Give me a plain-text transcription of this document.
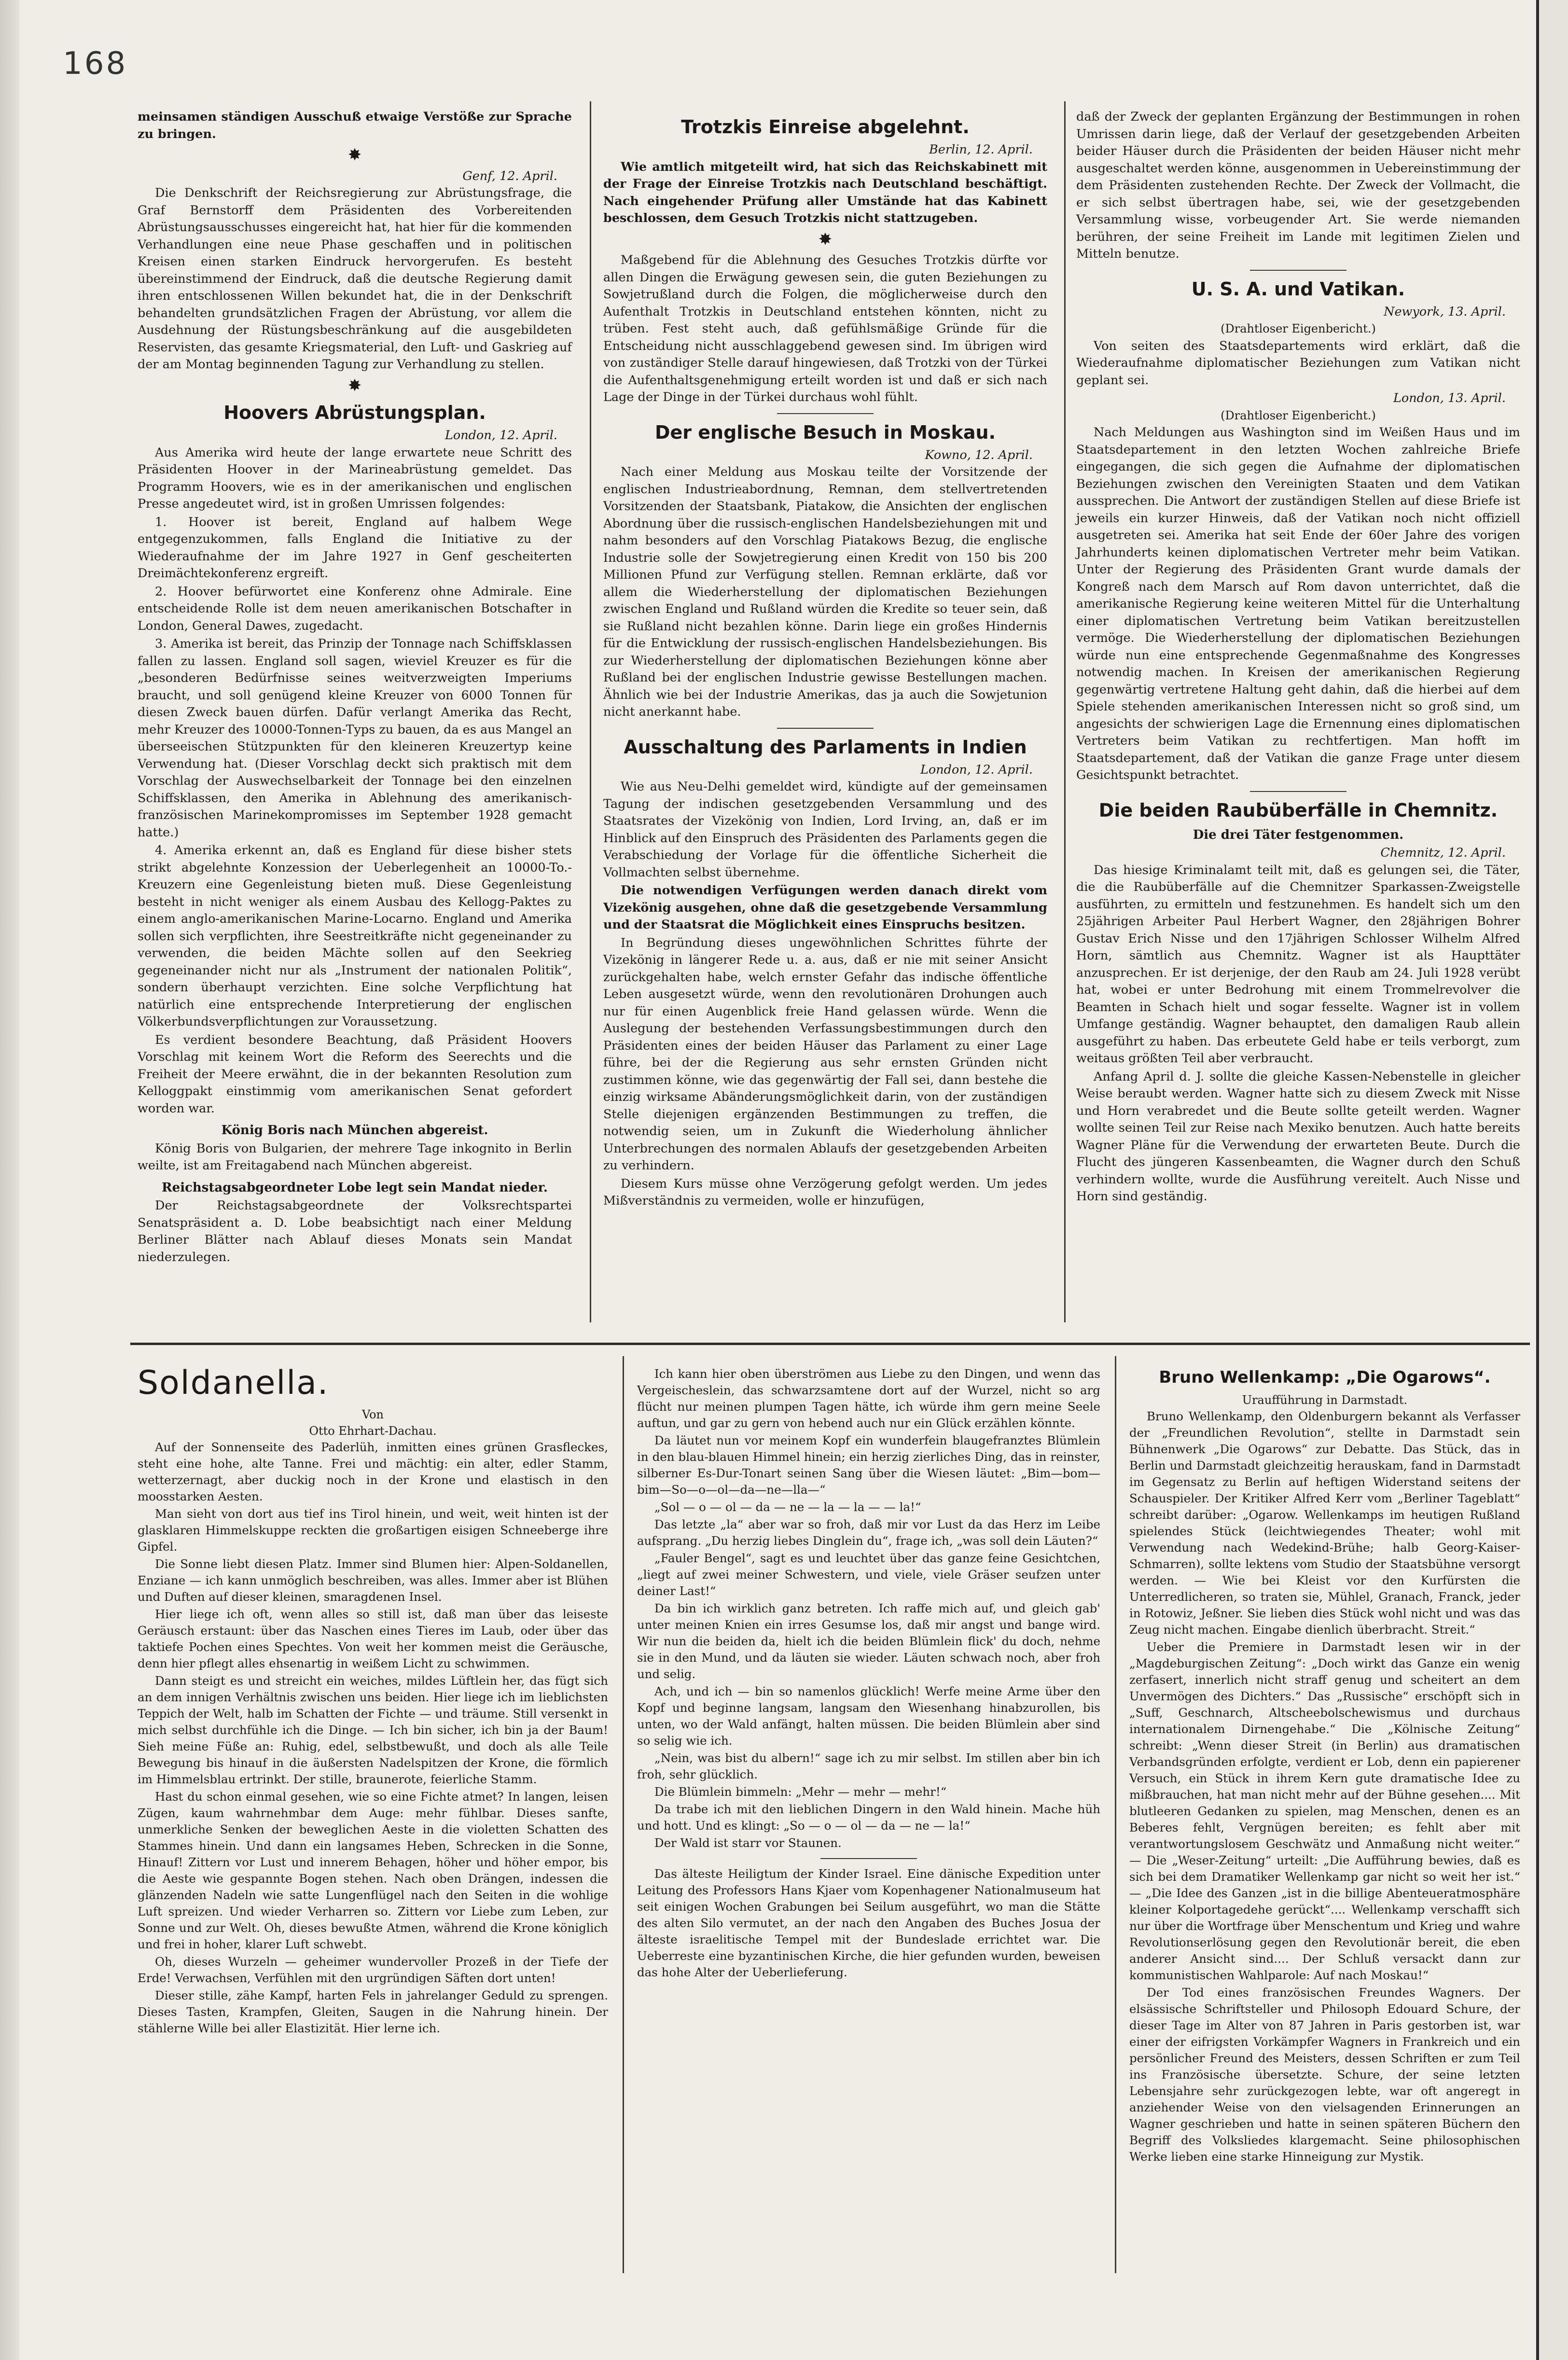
168

meinsamen ständigen Ausschuß etwaige Verstöße zur Sprache zu bringen.

✸
Genf, 12. April.

Die Denkschrift der Reichsregierung zur Abrüstungsfrage, die Graf Bernstorff dem Präsidenten des Vorbereitenden Abrüstungsausschusses eingereicht hat, hat hier für die kommenden Verhandlungen eine neue Phase geschaffen und in politischen Kreisen einen starken Eindruck hervorgerufen. Es besteht übereinstimmend der Eindruck, daß die deutsche Regierung damit ihren entschlossenen Willen bekundet hat, die in der Denkschrift behandelten grundsätzlichen Fragen der Abrüstung, vor allem die Ausdehnung der Rüstungsbeschränkung auf die ausgebildeten Reservisten, das gesamte Kriegsmaterial, den Luft- und Gaskrieg auf der am Montag beginnenden Tagung zur Verhandlung zu stellen.

✸
Hoovers Abrüstungsplan.
London, 12. April.

Aus Amerika wird heute der lange erwartete neue Schritt des Präsidenten Hoover in der Marineabrüstung gemeldet. Das Programm Hoovers, wie es in der amerikanischen und englischen Presse angedeutet wird, ist in großen Umrissen folgendes:

1. Hoover ist bereit, England auf halbem Wege entgegenzukommen, falls England die Initiative zu der Wiederaufnahme der im Jahre 1927 in Genf gescheiterten Dreimächtekonferenz ergreift.

2. Hoover befürwortet eine Konferenz ohne Admirale. Eine entscheidende Rolle ist dem neuen amerikanischen Botschafter in London, General Dawes, zugedacht.

3. Amerika ist bereit, das Prinzip der Tonnage nach Schiffsklassen fallen zu lassen. England soll sagen, wieviel Kreuzer es für die „besonderen Bedürfnisse seines weitverzweigten Imperiums braucht, und soll genügend kleine Kreuzer von 6000 Tonnen für diesen Zweck bauen dürfen. Dafür verlangt Amerika das Recht, mehr Kreuzer des 10000-Tonnen-Typs zu bauen, da es aus Mangel an überseeischen Stützpunkten für den kleineren Kreuzertyp keine Verwendung hat. (Dieser Vorschlag deckt sich praktisch mit dem Vorschlag der Auswechselbarkeit der Tonnage bei den einzelnen Schiffsklassen, den Amerika in Ablehnung des amerikanisch-französischen Marinekompromisses im September 1928 gemacht hatte.)

4. Amerika erkennt an, daß es England für diese bisher stets strikt abgelehnte Konzession der Ueberlegenheit an 10000-To.-Kreuzern eine Gegenleistung bieten muß. Diese Gegenleistung besteht in nicht weniger als einem Ausbau des Kellogg-Paktes zu einem anglo-amerikanischen Marine-Locarno. England und Amerika sollen sich verpflichten, ihre Seestreitkräfte nicht gegeneinander zu verwenden, die beiden Mächte sollen auf den Seekrieg gegeneinander nicht nur als „Instrument der nationalen Politik“, sondern überhaupt verzichten. Eine solche Verpflichtung hat natürlich eine entsprechende Interpretierung der englischen Völkerbundsverpflichtungen zur Voraussetzung.

Es verdient besondere Beachtung, daß Präsident Hoovers Vorschlag mit keinem Wort die Reform des Seerechts und die Freiheit der Meere erwähnt, die in der bekannten Resolution zum Kelloggpakt einstimmig vom amerikanischen Senat gefordert worden war.

König Boris nach München abgereist.

König Boris von Bulgarien, der mehrere Tage inkognito in Berlin weilte, ist am Freitagabend nach München abgereist.

Reichstagsabgeordneter Lobe legt sein Mandat nieder.

Der Reichstagsabgeordnete der Volksrechtspartei Senatspräsident a. D. Lobe beabsichtigt nach einer Meldung Berliner Blätter nach Ablauf dieses Monats sein Mandat niederzulegen.

Trotzkis Einreise abgelehnt.
Berlin, 12. April.

Wie amtlich mitgeteilt wird, hat sich das Reichskabinett mit der Frage der Einreise Trotzkis nach Deutschland beschäftigt. Nach eingehender Prüfung aller Umstände hat das Kabinett beschlossen, dem Gesuch Trotzkis nicht stattzugeben.

✸

Maßgebend für die Ablehnung des Gesuches Trotzkis dürfte vor allen Dingen die Erwägung gewesen sein, die guten Beziehungen zu Sowjetrußland durch die Folgen, die möglicherweise durch den Aufenthalt Trotzkis in Deutschland entstehen könnten, nicht zu trüben. Fest steht auch, daß gefühlsmäßige Gründe für die Entscheidung nicht ausschlaggebend gewesen sind. Im übrigen wird von zuständiger Stelle darauf hingewiesen, daß Trotzki von der Türkei die Aufenthaltsgenehmigung erteilt worden ist und daß er sich nach Lage der Dinge in der Türkei durchaus wohl fühlt.

Der englische Besuch in Moskau.
Kowno, 12. April.

Nach einer Meldung aus Moskau teilte der Vorsitzende der englischen Industrieabordnung, Remnan, dem stellvertretenden Vorsitzenden der Staatsbank, Piatakow, die Ansichten der englischen Abordnung über die russisch-englischen Handelsbeziehungen mit und nahm besonders auf den Vorschlag Piatakows Bezug, die englische Industrie solle der Sowjetregierung einen Kredit von 150 bis 200 Millionen Pfund zur Verfügung stellen. Remnan erklärte, daß vor allem die Wiederherstellung der diplomatischen Beziehungen zwischen England und Rußland würden die Kredite so teuer sein, daß sie Rußland nicht bezahlen könne. Darin liege ein großes Hindernis für die Entwicklung der russisch-englischen Handelsbeziehungen. Bis zur Wiederherstellung der diplomatischen Beziehungen könne aber Rußland bei der englischen Industrie gewisse Bestellungen machen. Ähnlich wie bei der Industrie Amerikas, das ja auch die Sowjetunion nicht anerkannt habe.

Ausschaltung des Parlaments in Indien
London, 12. April.

Wie aus Neu-Delhi gemeldet wird, kündigte auf der gemeinsamen Tagung der indischen gesetzgebenden Versammlung und des Staatsrates der Vizekönig von Indien, Lord Irving, an, daß er im Hinblick auf den Einspruch des Präsidenten des Parlaments gegen die Verabschiedung der Vorlage für die öffentliche Sicherheit die Vollmachten selbst übernehme.

Die notwendigen Verfügungen werden danach direkt vom Vizekönig ausgehen, ohne daß die gesetzgebende Versammlung und der Staatsrat die Möglichkeit eines Einspruchs besitzen.

In Begründung dieses ungewöhnlichen Schrittes führte der Vizekönig in längerer Rede u. a. aus, daß er nie mit seiner Ansicht zurückgehalten habe, welch ernster Gefahr das indische öffentliche Leben ausgesetzt würde, wenn den revolutionären Drohungen auch nur für einen Augenblick freie Hand gelassen würde. Wenn die Auslegung der bestehenden Verfassungsbestimmungen durch den Präsidenten eines der beiden Häuser das Parlament zu einer Lage führe, bei der die Regierung aus sehr ernsten Gründen nicht zustimmen könne, wie das gegenwärtig der Fall sei, dann bestehe die einzig wirksame Abänderungsmöglichkeit darin, von der zuständigen Stelle diejenigen ergänzenden Bestimmungen zu treffen, die notwendig seien, um in Zukunft die Wiederholung ähnlicher Unterbrechungen des normalen Ablaufs der gesetzgebenden Arbeiten zu verhindern.

Diesem Kurs müsse ohne Verzögerung gefolgt werden. Um jedes Mißverständnis zu vermeiden, wolle er hinzufügen,

daß der Zweck der geplanten Ergänzung der Bestimmungen in rohen Umrissen darin liege, daß der Verlauf der gesetzgebenden Arbeiten beider Häuser durch die Präsidenten der beiden Häuser nicht mehr ausgeschaltet werden könne, ausgenommen in Uebereinstimmung der dem Präsidenten zustehenden Rechte. Der Zweck der Vollmacht, die er sich selbst übertragen habe, sei, wie der gesetzgebenden Versammlung wisse, vorbeugender Art. Sie werde niemanden berühren, der seine Freiheit im Lande mit legitimen Zielen und Mitteln benutze.

U. S. A. und Vatikan.
Newyork, 13. April.
(Drahtloser Eigenbericht.)

Von seiten des Staatsdepartements wird erklärt, daß die Wiederaufnahme diplomatischer Beziehungen zum Vatikan nicht geplant sei.

London, 13. April.
(Drahtloser Eigenbericht.)

Nach Meldungen aus Washington sind im Weißen Haus und im Staatsdepartement in den letzten Wochen zahlreiche Briefe eingegangen, die sich gegen die Aufnahme der diplomatischen Beziehungen zwischen den Vereinigten Staaten und dem Vatikan aussprechen. Die Antwort der zuständigen Stellen auf diese Briefe ist jeweils ein kurzer Hinweis, daß der Vatikan noch nicht offiziell ausgetreten sei. Amerika hat seit Ende der 60er Jahre des vorigen Jahrhunderts keinen diplomatischen Vertreter mehr beim Vatikan. Unter der Regierung des Präsidenten Grant wurde damals der Kongreß nach dem Marsch auf Rom davon unterrichtet, daß die amerikanische Regierung keine weiteren Mittel für die Unterhaltung einer diplomatischen Vertretung beim Vatikan bereitzustellen vermöge. Die Wiederherstellung der diplomatischen Beziehungen würde nun eine entsprechende Gegenmaßnahme des Kongresses notwendig machen. In Kreisen der amerikanischen Regierung gegenwärtig vertretene Haltung geht dahin, daß die hierbei auf dem Spiele stehenden amerikanischen Interessen nicht so groß sind, um angesichts der schwierigen Lage die Ernennung eines diplomatischen Vertreters beim Vatikan zu rechtfertigen. Man hofft im Staatsdepartement, daß der Vatikan die ganze Frage unter diesem Gesichtspunkt betrachtet.

Die beiden Raubüberfälle in Chemnitz.
Die drei Täter festgenommen.
Chemnitz, 12. April.

Das hiesige Kriminalamt teilt mit, daß es gelungen sei, die Täter, die die Raubüberfälle auf die Chemnitzer Sparkassen-Zweigstelle ausführten, zu ermitteln und festzunehmen. Es handelt sich um den 25jährigen Arbeiter Paul Herbert Wagner, den 28jährigen Bohrer Gustav Erich Nisse und den 17jährigen Schlosser Wilhelm Alfred Horn, sämtlich aus Chemnitz. Wagner ist als Haupttäter anzusprechen. Er ist derjenige, der den Raub am 24. Juli 1928 verübt hat, wobei er unter Bedrohung mit einem Trommelrevolver die Beamten in Schach hielt und sogar fesselte. Wagner ist in vollem Umfange geständig. Wagner behauptet, den damaligen Raub allein ausgeführt zu haben. Das erbeutete Geld habe er teils verborgt, zum weitaus größten Teil aber verbraucht.

Anfang April d. J. sollte die gleiche Kassen-Nebenstelle in gleicher Weise beraubt werden. Wagner hatte sich zu diesem Zweck mit Nisse und Horn verabredet und die Beute sollte geteilt werden. Wagner wollte seinen Teil zur Reise nach Mexiko benutzen. Auch hatte bereits Wagner Pläne für die Verwendung der erwarteten Beute. Durch die Flucht des jüngeren Kassenbeamten, die Wagner durch den Schuß verhindern wollte, wurde die Ausführung vereitelt. Auch Nisse und Horn sind geständig.

Soldanella.
Von
Otto Ehrhart-Dachau.

Auf der Sonnenseite des Paderlüh, inmitten eines grünen Grasfleckes, steht eine hohe, alte Tanne. Frei und mächtig: ein alter, edler Stamm, wetterzernagt, aber duckig noch in der Krone und elastisch in den moosstarken Aesten.

Man sieht von dort aus tief ins Tirol hinein, und weit, weit hinten ist der glasklaren Himmelskuppe reckten die großartigen eisigen Schneeberge ihre Gipfel.

Die Sonne liebt diesen Platz. Immer sind Blumen hier: Alpen-Soldanellen, Enziane — ich kann unmöglich beschreiben, was alles. Immer aber ist Blühen und Duften auf dieser kleinen, smaragdenen Insel.

Hier liege ich oft, wenn alles so still ist, daß man über das leiseste Geräusch erstaunt: über das Naschen eines Tieres im Laub, oder über das taktiefe Pochen eines Spechtes. Von weit her kommen meist die Geräusche, denn hier pflegt alles ehsenartig in weißem Licht zu schwimmen.

Dann steigt es und streicht ein weiches, mildes Lüftlein her, das fügt sich an dem innigen Verhältnis zwischen uns beiden. Hier liege ich im lieblichsten Teppich der Welt, halb im Schatten der Fichte — und träume. Still versenkt in mich selbst durchfühle ich die Dinge. — Ich bin sicher, ich bin ja der Baum! Sieh meine Füße an: Ruhig, edel, selbstbewußt, und doch als alle Teile Bewegung bis hinauf in die äußersten Nadelspitzen der Krone, die förmlich im Himmelsblau ertrinkt. Der stille, braunerote, feierliche Stamm.

Hast du schon einmal gesehen, wie so eine Fichte atmet? In langen, leisen Zügen, kaum wahrnehmbar dem Auge: mehr fühlbar. Dieses sanfte, unmerkliche Senken der beweglichen Aeste in die violetten Schatten des Stammes hinein. Und dann ein langsames Heben, Schrecken in die Sonne, Hinauf! Zittern vor Lust und innerem Behagen, höher und höher empor, bis die Aeste wie gespannte Bogen stehen. Nach oben Drängen, indessen die glänzenden Nadeln wie satte Lungenflügel nach den Seiten in die wohlige Luft spreizen. Und wieder Verharren so. Zittern vor Liebe zum Leben, zur Sonne und zur Welt. Oh, dieses bewußte Atmen, während die Krone königlich und frei in hoher, klarer Luft schwebt.

Oh, dieses Wurzeln — geheimer wundervoller Prozeß in der Tiefe der Erde! Verwachsen, Verfühlen mit den urgründigen Säften dort unten!

Dieser stille, zähe Kampf, harten Fels in jahrelanger Geduld zu sprengen. Dieses Tasten, Krampfen, Gleiten, Saugen in die Nahrung hinein. Der stählerne Wille bei aller Elastizität. Hier lerne ich.

Ich kann hier oben überströmen aus Liebe zu den Dingen, und wenn das Vergeischeslein, das schwarzsamtene dort auf der Wurzel, nicht so arg flücht nur meinen plumpen Tagen hätte, ich würde ihm gern meine Seele auftun, und gar zu gern von hebend auch nur ein Glück erzählen könnte.

Da läutet nun vor meinem Kopf ein wunderfein blaugefranztes Blümlein in den blau-blauen Himmel hinein; ein herzig zierliches Ding, das in reinster, silberner Es-Dur-Tonart seinen Sang über die Wiesen läutet: „Bim—bom—bim—So—o—ol—da—ne—lla—“

„Sol — o — ol — da — ne — la — la — — la!“

Das letzte „la“ aber war so froh, daß mir vor Lust da das Herz im Leibe aufsprang. „Du herzig liebes Dinglein du“, frage ich, „was soll dein Läuten?“

„Fauler Bengel“, sagt es und leuchtet über das ganze feine Gesichtchen, „liegt auf zwei meiner Schwestern, und viele, viele Gräser seufzen unter deiner Last!“

Da bin ich wirklich ganz betreten. Ich raffe mich auf, und gleich gab' unter meinen Knien ein irres Gesumse los, daß mir angst und bange wird. Wir nun die beiden da, hielt ich die beiden Blümlein flick' du doch, nehme sie in den Mund, und da läuten sie wieder. Läuten schwach noch, aber froh und selig.

Ach, und ich — bin so namenlos glücklich! Werfe meine Arme über den Kopf und beginne langsam, langsam den Wiesenhang hinabzurollen, bis unten, wo der Wald anfängt, halten müssen. Die beiden Blümlein aber sind so selig wie ich.

„Nein, was bist du albern!“ sage ich zu mir selbst. Im stillen aber bin ich froh, sehr glücklich.

Die Blümlein bimmeln: „Mehr — mehr — mehr!“

Da trabe ich mit den lieblichen Dingern in den Wald hinein. Mache hüh und hott. Und es klingt: „So — o — ol — da — ne — la!“

Der Wald ist starr vor Staunen.

Das älteste Heiligtum der Kinder Israel. Eine dänische Expedition unter Leitung des Professors Hans Kjaer vom Kopenhagener Nationalmuseum hat seit einigen Wochen Grabungen bei Seilum ausgeführt, wo man die Stätte des alten Silo vermutet, an der nach den Angaben des Buches Josua der älteste israelitische Tempel mit der Bundeslade errichtet war. Die Ueberreste eine byzantinischen Kirche, die hier gefunden wurden, beweisen das hohe Alter der Ueberlieferung.

Bruno Wellenkamp: „Die Ogarows“.
Uraufführung in Darmstadt.

Bruno Wellenkamp, den Oldenburgern bekannt als Verfasser der „Freundlichen Revolution“, stellte in Darmstadt sein Bühnenwerk „Die Ogarows“ zur Debatte. Das Stück, das in Berlin und Darmstadt gleichzeitig herauskam, fand in Darmstadt im Gegensatz zu Berlin auf heftigen Widerstand seitens der Schauspieler. Der Kritiker Alfred Kerr vom „Berliner Tageblatt“ schreibt darüber: „Ogarow. Wellenkamps im heutigen Rußland spielendes Stück (leichtwiegendes Theater; wohl mit Verwendung nach Wedekind-Brühe; halb Georg-Kaiser-Schmarren), sollte lektens vom Studio der Staatsbühne versorgt werden. — Wie bei Kleist vor den Kurfürsten die Unterredlicheren, so traten sie, Mühlel, Granach, Franck, jeder in Rotowiz, Jeßner. Sie lieben dies Stück wohl nicht und was das Zeug nicht machen. Eingabe dienlich überbracht. Streit.“

Ueber die Premiere in Darmstadt lesen wir in der „Magdeburgischen Zeitung“: „Doch wirkt das Ganze ein wenig zerfasert, innerlich nicht straff genug und scheitert an dem Unvermögen des Dichters.“ Das „Russische“ erschöpft sich in „Suff, Geschnarch, Altscheebolschewismus und durchaus internationalem Dirnengehabe.“ Die „Kölnische Zeitung“ schreibt: „Wenn dieser Streit (in Berlin) aus dramatischen Verbandsgründen erfolgte, verdient er Lob, denn ein papierener Versuch, ein Stück in ihrem Kern gute dramatische Idee zu mißbrauchen, hat man nicht mehr auf der Bühne gesehen.... Mit blutleeren Gedanken zu spielen, mag Menschen, denen es an Beberes fehlt, Vergnügen bereiten; es fehlt aber mit verantwortungslosem Geschwätz und Anmaßung nicht weiter.“ — Die „Weser-Zeitung“ urteilt: „Die Aufführung bewies, daß es sich bei dem Dramatiker Wellenkamp gar nicht so weit her ist.“ — „Die Idee des Ganzen „ist in die billige Abenteueratmosphäre kleiner Kolportagedehe gerückt“.... Wellenkamp verschafft sich nur über die Wortfrage über Menschentum und Krieg und wahre Revolutionserlösung gegen den Revolutionär bereit, die eben anderer Ansicht sind.... Der Schluß versackt dann zur kommunistischen Wahlparole: Auf nach Moskau!“

Der Tod eines französischen Freundes Wagners. Der elsässische Schriftsteller und Philosoph Edouard Schure, der dieser Tage im Alter von 87 Jahren in Paris gestorben ist, war einer der eifrigsten Vorkämpfer Wagners in Frankreich und ein persönlicher Freund des Meisters, dessen Schriften er zum Teil ins Französische übersetzte. Schure, der seine letzten Lebensjahre sehr zurückgezogen lebte, war oft angeregt in anziehender Weise von den vielsagenden Erinnerungen an Wagner geschrieben und hatte in seinen späteren Büchern den Begriff des Volksliedes klargemacht. Seine philosophischen Werke lieben eine starke Hinneigung zur Mystik.
